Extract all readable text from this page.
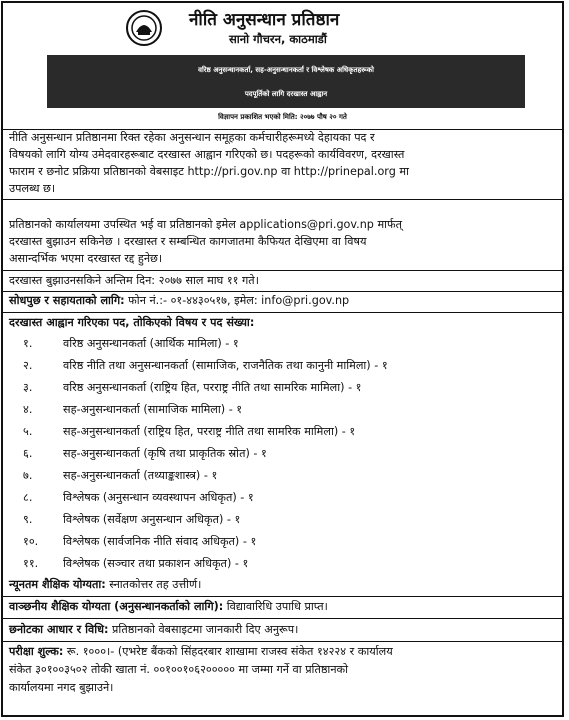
नीति अनुसन्धान प्रतिष्ठान
सानो गौचरन, काठमाडौं
वरिष्ठ अनुसन्धानकर्ता, सह-अनुसन्धानकर्ता र विश्लेषक अधिकृतहरूको
पदपूर्तिको लागि दरखास्त आह्वान
विज्ञापन प्रकाशित भएको मिति: २०७७ पौष २० गते
नीति अनुसन्धान प्रतिष्ठानमा रिक्त रहेका अनुसन्धान समूहका कर्मचारीहरूमध्ये देहायका पद र
विषयको लागि योग्य उमेदवारहरूबाट दरखास्त आह्वान गरिएको छ। पदहरूको कार्यविवरण, दरखास्त
फाराम र छनोट प्रक्रिया प्रतिष्ठानको वेबसाइट http://pri.gov.np वा http://prinepal.org मा
उपलब्ध छ।
प्रतिष्ठानको कार्यालयमा उपस्थित भई वा प्रतिष्ठानको इमेल applications@pri.gov.np मार्फत्
दरखास्त बुझाउन सकिनेछ । दरखास्त र सम्बन्धित कागजातमा कैफियत देखिएमा वा विषय
असान्दर्भिक भएमा दरखास्त रद्द हुनेछ।
दरखास्त बुझाउनसकिने अन्तिम दिन: २०७७ साल माघ ११ गते।
सोधपुछ र सहायताको लागि: फोन नं.:- ०१-४४३०५१७, इमेल: info@pri.gov.np
दरखास्त आह्वान गरिएका पद, तोकिएको विषय र पद संख्या:
१.	वरिष्ठ अनुसन्धानकर्ता (आर्थिक मामिला) - १
२.	वरिष्ठ नीति तथा अनुसन्धानकर्ता (सामाजिक, राजनैतिक तथा कानुनी मामिला) - १
३.	वरिष्ठ अनुसन्धानकर्ता (राष्ट्रिय हित, परराष्ट्र नीति तथा सामरिक मामिला) - १
४.	सह-अनुसन्धानकर्ता (सामाजिक मामिला) - १
५.	सह-अनुसन्धानकर्ता (राष्ट्रिय हित, परराष्ट्र नीति तथा सामरिक मामिला) - १
६.	सह-अनुसन्धानकर्ता (कृषि तथा प्राकृतिक स्रोत) - १
७.	सह-अनुसन्धानकर्ता (तथ्याङ्कशास्त्र) - १
८.	विश्लेषक (अनुसन्धान व्यवस्थापन अधिकृत) - १
९.	विश्लेषक (सर्वेक्षण अनुसन्धान अधिकृत) - १
१०. विश्लेषक (सार्वजनिक नीति संवाद अधिकृत) - १
११. विश्लेषक (सञ्चार तथा प्रकाशन अधिकृत) - १
न्यूनतम शैक्षिक योग्यता: स्नातकोत्तर तह उत्तीर्ण।
वाञ्छनीय शैक्षिक योग्यता (अनुसन्धानकर्ताको लागि): विद्यावारिधि उपाधि प्राप्त।
छनोटका आधार र विधि: प्रतिष्ठानको वेबसाइटमा जानकारी दिए अनुरूप।
परीक्षा शुल्क: रू. १०००।- (एभरेष्ट बैंकको सिंहदरबार शाखामा राजस्व संकेत १४२२४ र कार्यालय
संकेत ३०१००३५०२ तोकी खाता नं. ००१००१०६२००००० मा जम्मा गर्ने वा प्रतिष्ठानको
कार्यालयमा नगद बुझाउने।
